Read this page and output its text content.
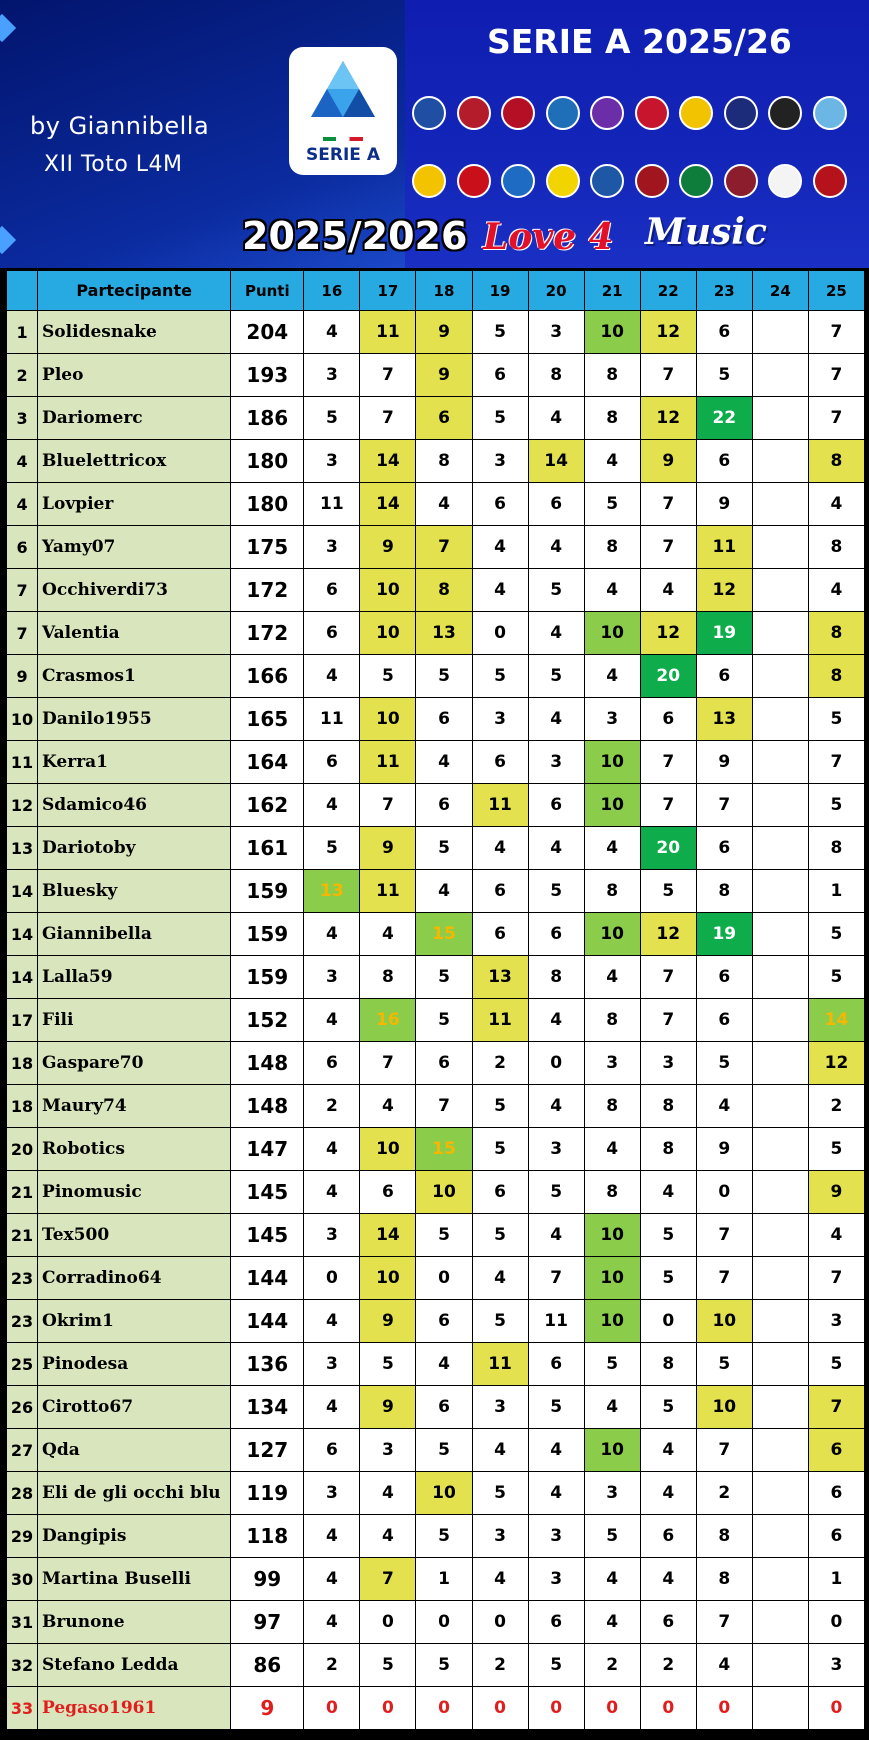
by Giannibella
XII Toto L4M	SERIE A
SERIE A 2025/26
2025/2026 Love 4 Music
	Partecipante	Punti	16	17	18	19	20	21	22	23	24	25
1	Solidesnake	204	4	11	9	5	3	10	12	6		7
2	Pleo	193	3	7	9	6	8	8	7	5		7
3	Dariomerc	186	5	7	6	5	4	8	12	22		7
4	Bluelettricox	180	3	14	8	3	14	4	9	6		8
4	Lovpier	180	11	14	4	6	6	5	7	9		4
6	Yamy07	175	3	9	7	4	4	8	7	11		8
7	Occhiverdi73	172	6	10	8	4	5	4	4	12		4
7	Valentia	172	6	10	13	0	4	10	12	19		8
9	Crasmos1	166	4	5	5	5	5	4	20	6		8
10	Danilo1955	165	11	10	6	3	4	3	6	13		5
11	Kerra1	164	6	11	4	6	3	10	7	9		7
12	Sdamico46	162	4	7	6	11	6	10	7	7		5
13	Dariotoby	161	5	9	5	4	4	4	20	6		8
14	Bluesky	159	13	11	4	6	5	8	5	8		1
14	Giannibella	159	4	4	15	6	6	10	12	19		5
14	Lalla59	159	3	8	5	13	8	4	7	6		5
17	Fili	152	4	16	5	11	4	8	7	6		14
18	Gaspare70	148	6	7	6	2	0	3	3	5		12
18	Maury74	148	2	4	7	5	4	8	8	4		2
20	Robotics	147	4	10	15	5	3	4	8	9		5
21	Pinomusic	145	4	6	10	6	5	8	4	0		9
21	Tex500	145	3	14	5	5	4	10	5	7		4
23	Corradino64	144	0	10	0	4	7	10	5	7		7
23	Okrim1	144	4	9	6	5	11	10	0	10		3
25	Pinodesa	136	3	5	4	11	6	5	8	5		5
26	Cirotto67	134	4	9	6	3	5	4	5	10		7
27	Qda	127	6	3	5	4	4	10	4	7		6
28	Eli de gli occhi blu	119	3	4	10	5	4	3	4	2		6
29	Dangipis	118	4	4	5	3	3	5	6	8		6
30	Martina Buselli	99	4	7	1	4	3	4	4	8		1
31	Brunone	97	4	0	0	0	6	4	6	7		0
32	Stefano Ledda	86	2	5	5	2	5	2	2	4		3
33	Pegaso1961	9	0	0	0	0	0	0	0	0		0
